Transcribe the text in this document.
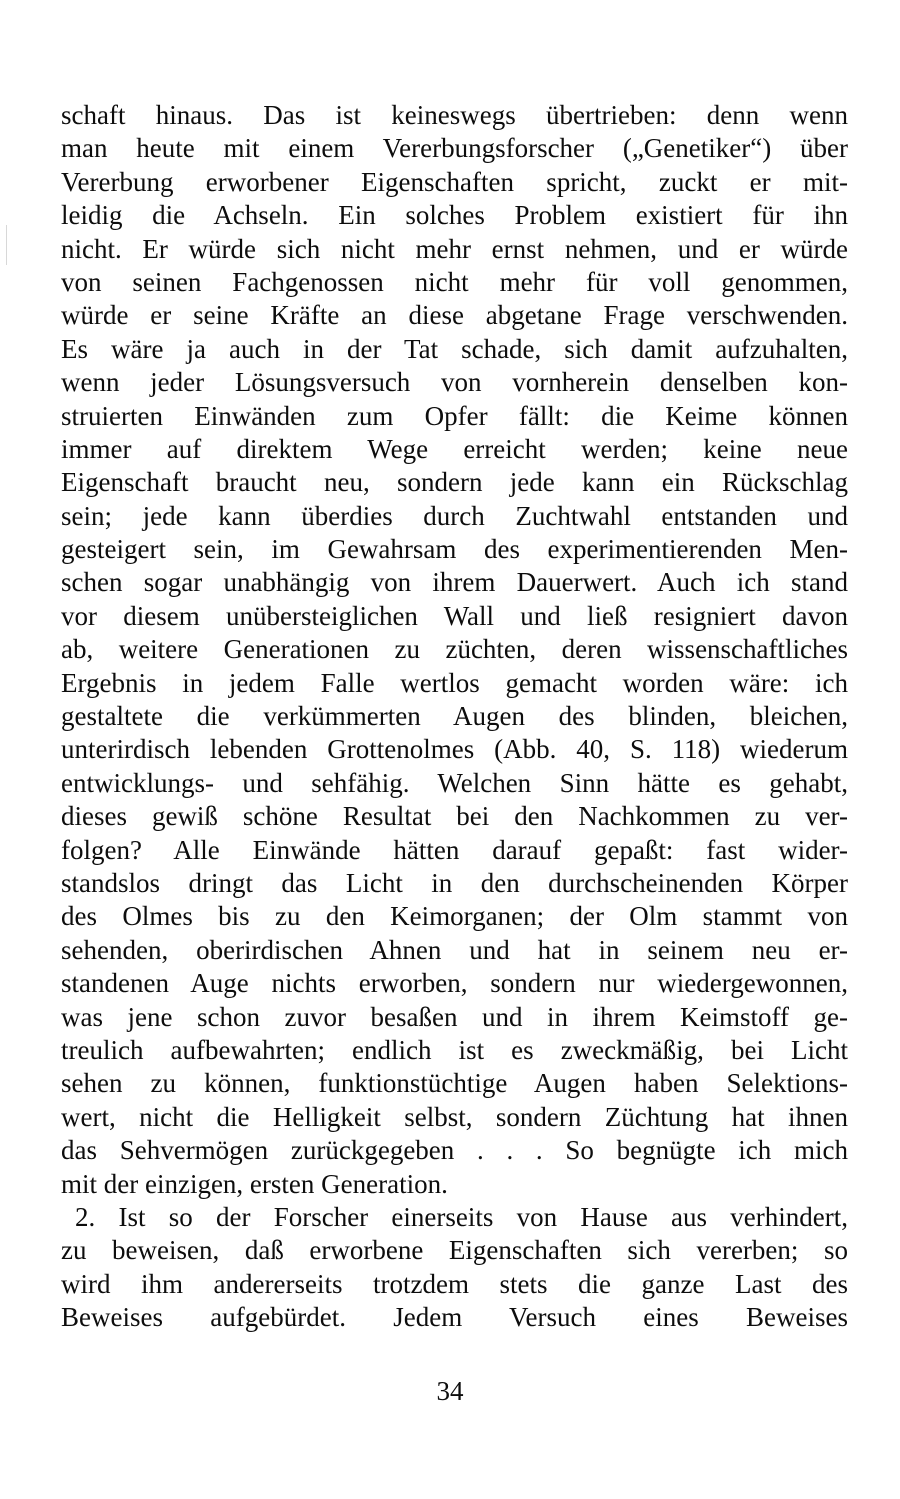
schaft hinaus. Das ist keineswegs übertrieben: denn wenn
man heute mit einem Vererbungsforscher („Genetiker“) über
Vererbung erworbener Eigenschaften spricht, zuckt er mit-
leidig die Achseln. Ein solches Problem existiert für ihn
nicht. Er würde sich nicht mehr ernst nehmen, und er würde
von seinen Fachgenossen nicht mehr für voll genommen,
würde er seine Kräfte an diese abgetane Frage verschwenden.
Es wäre ja auch in der Tat schade, sich damit aufzuhalten,
wenn jeder Lösungsversuch von vornherein denselben kon-
struierten Einwänden zum Opfer fällt: die Keime können
immer auf direktem Wege erreicht werden; keine neue
Eigenschaft braucht neu, sondern jede kann ein Rückschlag
sein; jede kann überdies durch Zuchtwahl entstanden und
gesteigert sein, im Gewahrsam des experimentierenden Men-
schen sogar unabhängig von ihrem Dauerwert. Auch ich stand
vor diesem unübersteiglichen Wall und ließ resigniert davon
ab, weitere Generationen zu züchten, deren wissenschaftliches
Ergebnis in jedem Falle wertlos gemacht worden wäre: ich
gestaltete die verkümmerten Augen des blinden, bleichen,
unterirdisch lebenden Grottenolmes (Abb. 40, S. 118) wiederum
entwicklungs- und sehfähig. Welchen Sinn hätte es gehabt,
dieses gewiß schöne Resultat bei den Nachkommen zu ver-
folgen? Alle Einwände hätten darauf gepaßt: fast wider-
standslos dringt das Licht in den durchscheinenden Körper
des Olmes bis zu den Keimorganen; der Olm stammt von
sehenden, oberirdischen Ahnen und hat in seinem neu er-
standenen Auge nichts erworben, sondern nur wiedergewonnen,
was jene schon zuvor besaßen und in ihrem Keimstoff ge-
treulich aufbewahrten; endlich ist es zweckmäßig, bei Licht
sehen zu können, funktionstüchtige Augen haben Selektions-
wert, nicht die Helligkeit selbst, sondern Züchtung hat ihnen
das Sehvermögen zurückgegeben . . . So begnügte ich mich
mit der einzigen, ersten Generation.
2. Ist so der Forscher einerseits von Hause aus verhindert,
zu beweisen, daß erworbene Eigenschaften sich vererben; so
wird ihm andererseits trotzdem stets die ganze Last des
Beweises aufgebürdet. Jedem Versuch eines Beweises
34
